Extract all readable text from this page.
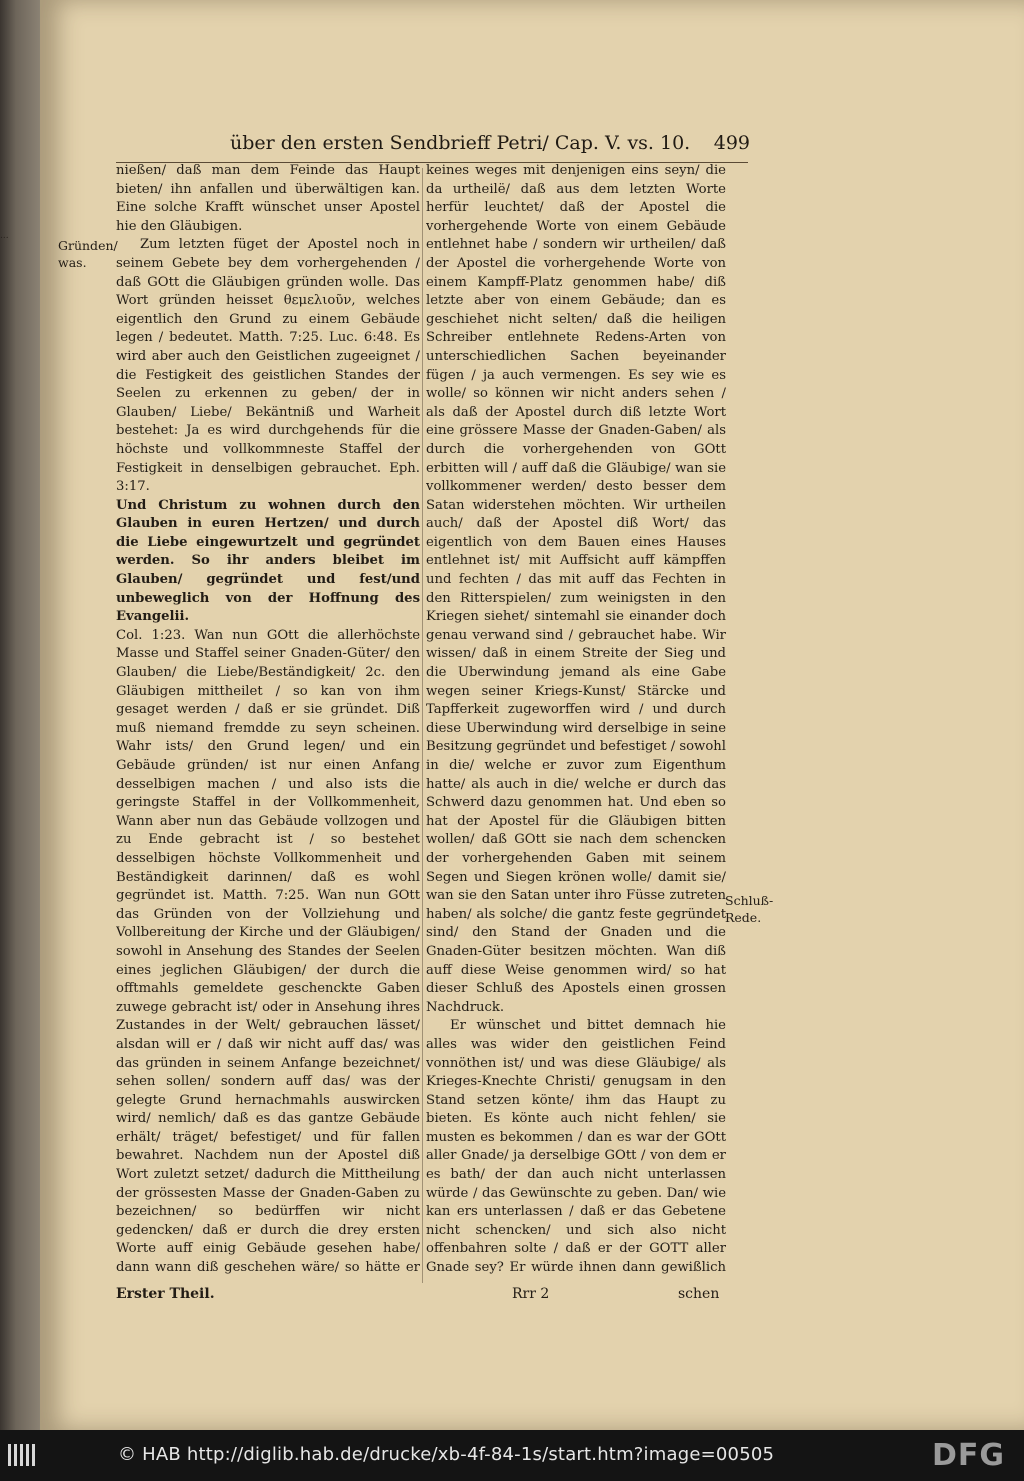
...
über den ersten Sendbrieff Petri/ Cap. V. vs. 10. 499
Gründen/ was.

nießen/ daß man dem Feinde das Haupt bieten/ ihn anfallen und überwältigen kan. Eine solche Krafft wünschet unser Apostel hie den Gläubigen.

Zum letzten füget der Apostel noch in seinem Gebete bey dem vorhergehenden / daß GOtt die Gläubigen gründen wolle. Das Wort gründen heisset θεμελιοῦν, welches eigentlich den Grund zu einem Gebäude legen / bedeutet. Matth. 7:25. Luc. 6:48. Es wird aber auch den Geistlichen zugeeignet / die Festigkeit des geistlichen Standes der Seelen zu erkennen zu geben/ der in Glauben/ Liebe/ Bekäntniß und Warheit bestehet: Ja es wird durchgehends für die höchste und vollkommneste Staffel der Festigkeit in denselbigen gebrauchet. Eph. 3:17.

Und Christum zu wohnen durch den Glauben in euren Hertzen/ und durch die Liebe eingewurtzelt und gegründet werden. So ihr anders bleibet im Glauben/ gegründet und fest/und unbeweglich von der Hoffnung des Evangelii.

Col. 1:23. Wan nun GOtt die allerhöchste Masse und Staffel seiner Gnaden-Güter/ den Glauben/ die Liebe/Beständigkeit/ 2c. den Gläubigen mittheilet / so kan von ihm gesaget werden / daß er sie gründet. Diß muß niemand fremdde zu seyn scheinen. Wahr ists/ den Grund legen/ und ein Gebäude gründen/ ist nur einen Anfang desselbigen machen / und also ists die geringste Staffel in der Vollkommenheit, Wann aber nun das Gebäude vollzogen und zu Ende gebracht ist / so bestehet desselbigen höchste Vollkommenheit und Beständigkeit darinnen/ daß es wohl gegründet ist. Matth. 7:25. Wan nun GOtt das Gründen von der Vollziehung und Vollbereitung der Kirche und der Gläubigen/ sowohl in Ansehung des Standes der Seelen eines jeglichen Gläubigen/ der durch die offtmahls gemeldete geschenckte Gaben zuwege gebracht ist/ oder in Ansehung ihres Zustandes in der Welt/ gebrauchen lässet/ alsdan will er / daß wir nicht auff das/ was das gründen in seinem Anfange bezeichnet/ sehen sollen/ sondern auff das/ was der gelegte Grund hernachmahls auswircken wird/ nemlich/ daß es das gantze Gebäude erhält/ träget/ befestiget/ und für fallen bewahret. Nachdem nun der Apostel diß Wort zuletzt setzet/ dadurch die Mittheilung der grössesten Masse der Gnaden-Gaben zu bezeichnen/ so bedürffen wir nicht gedencken/ daß er durch die drey ersten Worte auff einig Gebäude gesehen habe/ dann wann diß geschehen wäre/ so hätte er

keines weges mit denjenigen eins seyn/ die da urtheilë/ daß aus dem letzten Worte herfür leuchtet/ daß der Apostel die vorhergehende Worte von einem Gebäude entlehnet habe / sondern wir urtheilen/ daß der Apostel die vorhergehende Worte von einem Kampff-Platz genommen habe/ diß letzte aber von einem Gebäude; dan es geschiehet nicht selten/ daß die heiligen Schreiber entlehnete Redens-Arten von unterschiedlichen Sachen beyeinander fügen / ja auch vermengen. Es sey wie es wolle/ so können wir nicht anders sehen / als daß der Apostel durch diß letzte Wort eine grössere Masse der Gnaden-Gaben/ als durch die vorhergehenden von GOtt erbitten will / auff daß die Gläubige/ wan sie vollkommener werden/ desto besser dem Satan widerstehen möchten. Wir urtheilen auch/ daß der Apostel diß Wort/ das eigentlich von dem Bauen eines Hauses entlehnet ist/ mit Auffsicht auff kämpffen und fechten / das mit auff das Fechten in den Ritterspielen/ zum weinigsten in den Kriegen siehet/ sintemahl sie einander doch genau verwand sind / gebrauchet habe. Wir wissen/ daß in einem Streite der Sieg und die Uberwindung jemand als eine Gabe wegen seiner Kriegs-Kunst/ Stärcke und Tapfferkeit zugeworffen wird / und durch diese Uberwindung wird derselbige in seine Besitzung gegründet und befestiget / sowohl in die/ welche er zuvor zum Eigenthum hatte/ als auch in die/ welche er durch das Schwerd dazu genommen hat. Und eben so hat der Apostel für die Gläubigen bitten wollen/ daß GOtt sie nach dem schencken der vorhergehenden Gaben mit seinem Segen und Siegen krönen wolle/ damit sie/ wan sie den Satan unter ihro Füsse zutreten haben/ als solche/ die gantz feste gegründet sind/ den Stand der Gnaden und die Gnaden-Güter besitzen möchten. Wan diß auff diese Weise genommen wird/ so hat dieser Schluß des Apostels einen grossen Nachdruck.

Er wünschet und bittet demnach hie alles was wider den geistlichen Feind vonnöthen ist/ und was diese Gläubige/ als Krieges-Knechte Christi/ genugsam in den Stand setzen könte/ ihm das Haupt zu bieten. Es könte auch nicht fehlen/ sie musten es bekommen / dan es war der GOtt aller Gnade/ ja derselbige GOtt / von dem er es bath/ der dan auch nicht unterlassen würde / das Gewünschte zu geben. Dan/ wie kan ers unterlassen / daß er das Gebetene nicht schencken/ und sich also nicht offenbahren solte / daß er der GOTT aller Gnade sey? Er würde ihnen dann gewißlich

Schluß-Rede.
Erster Theil.	Rrr 2	schen
© HAB http://diglib.hab.de/drucke/xb-4f-84-1s/start.htm?image=00505	DFG
